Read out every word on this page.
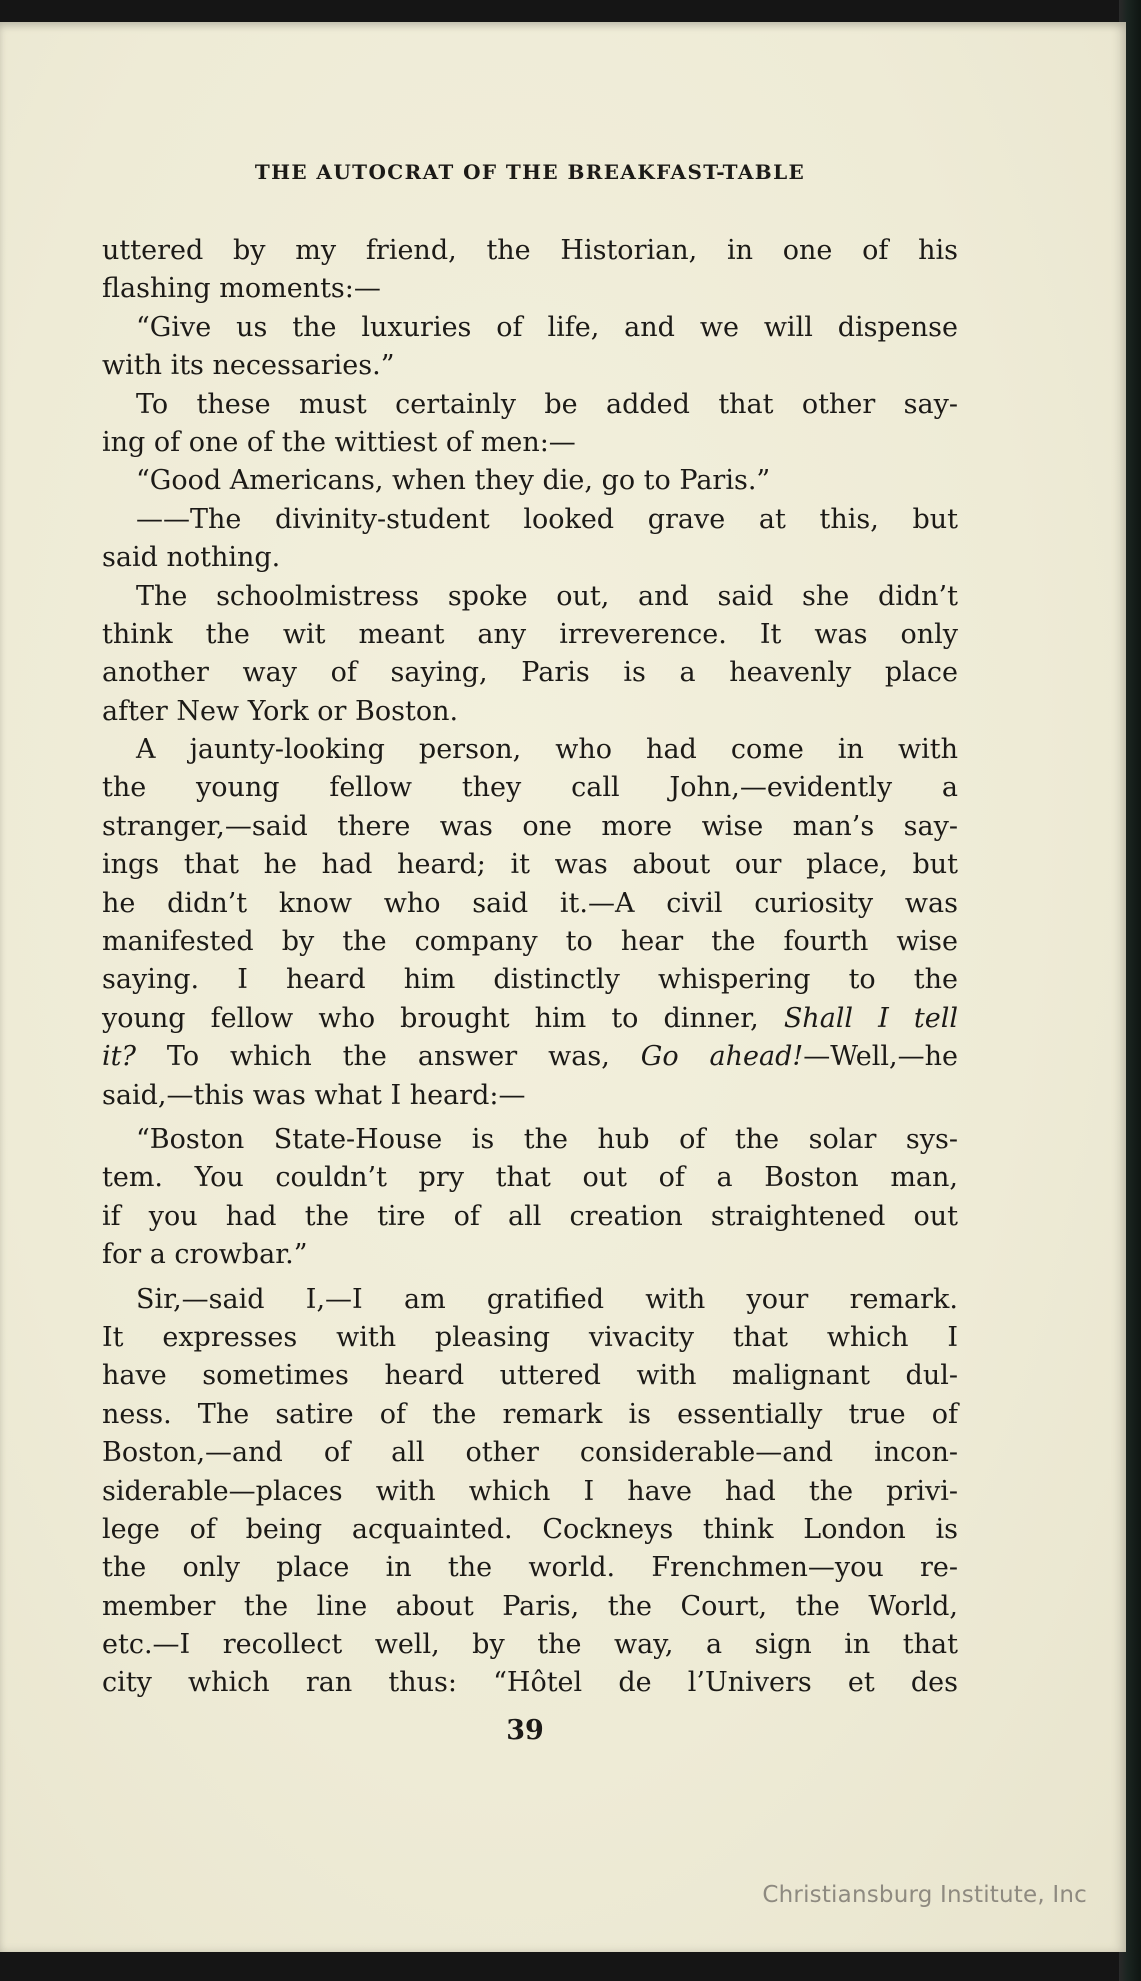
THE AUTOCRAT OF THE BREAKFAST-TABLE
uttered by my friend, the Historian, in one of his
flashing moments:—
“Give us the luxuries of life, and we will dispense
with its necessaries.”
To these must certainly be added that other say-
ing of one of the wittiest of men:—
“Good Americans, when they die, go to Paris.”
——The divinity-student looked grave at this, but
said nothing.
The schoolmistress spoke out, and said she didn’t
think the wit meant any irreverence. It was only
another way of saying, Paris is a heavenly place
after New York or Boston.
A jaunty-looking person, who had come in with
the young fellow they call John,—evidently a
stranger,—said there was one more wise man’s say-
ings that he had heard; it was about our place, but
he didn’t know who said it.—A civil curiosity was
manifested by the company to hear the fourth wise
saying. I heard him distinctly whispering to the
young fellow who brought him to dinner, Shall I tell
it? To which the answer was, Go ahead!—Well,—he
said,—this was what I heard:—
“Boston State-House is the hub of the solar sys-
tem. You couldn’t pry that out of a Boston man,
if you had the tire of all creation straightened out
for a crowbar.”
Sir,—said I,—I am gratified with your remark.
It expresses with pleasing vivacity that which I
have sometimes heard uttered with malignant dul-
ness. The satire of the remark is essentially true of
Boston,—and of all other considerable—and incon-
siderable—places with which I have had the privi-
lege of being acquainted. Cockneys think London is
the only place in the world. Frenchmen—you re-
member the line about Paris, the Court, the World,
etc.—I recollect well, by the way, a sign in that
city which ran thus: “Hôtel de l’Univers et des
39
Christiansburg Institute, Inc
